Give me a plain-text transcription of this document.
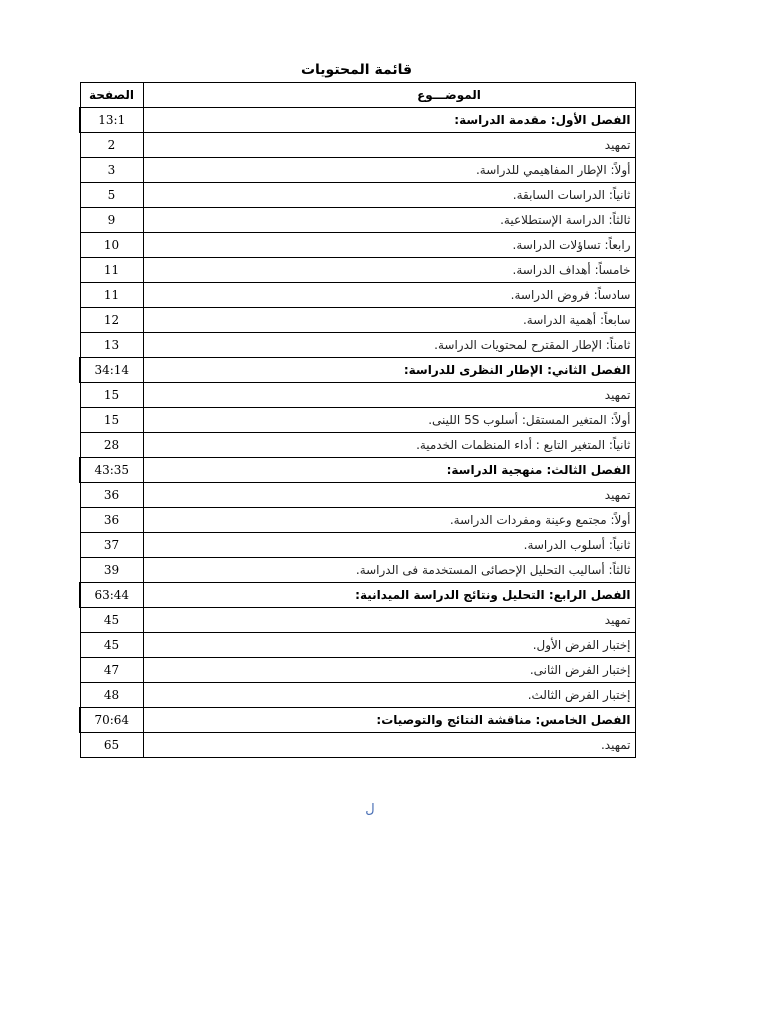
قائمة المحتويات
الموضـــوع	الصفحة
الفصل الأول: مقدمة الدراسة:	13:1
تمهيد	2
أولاً: الإطار المفاهيمي للدراسة.	3
ثانياً: الدراسات السابقة.	5
ثالثاً: الدراسة الإستطلاعية.	9
رابعاً: تساؤلات الدراسة.	10
خامساً: أهداف الدراسة.	11
سادساً: فروض الدراسة.	11
سابعاً: أهمية الدراسة.	12
ثامناً: الإطار المقترح لمحتويات الدراسة.	13
الفصل الثاني: الإطار النظرى للدراسة:	34:14
تمهيد	15
أولاً: المتغير المستقل: أسلوب 5S اللينى.	15
ثانياً: المتغير التابع : أداء المنظمات الخدمية.	28
الفصل الثالث: منهجية الدراسة:	43:35
تمهيد	36
أولاً: مجتمع وعينة ومفردات الدراسة.	36
ثانياً: أسلوب الدراسة.	37
ثالثاً: أساليب التحليل الإحصائى المستخدمة فى الدراسة.	39
الفصل الرابع: التحليل ونتائج الدراسة الميدانية:	63:44
تمهيد	45
إختبار الفرض الأول.	45
إختبار الفرض الثانى.	47
إختبار الفرض الثالث.	48
الفصل الخامس: مناقشة النتائج والتوصيات:	70:64
تمهيد.	65
ل
